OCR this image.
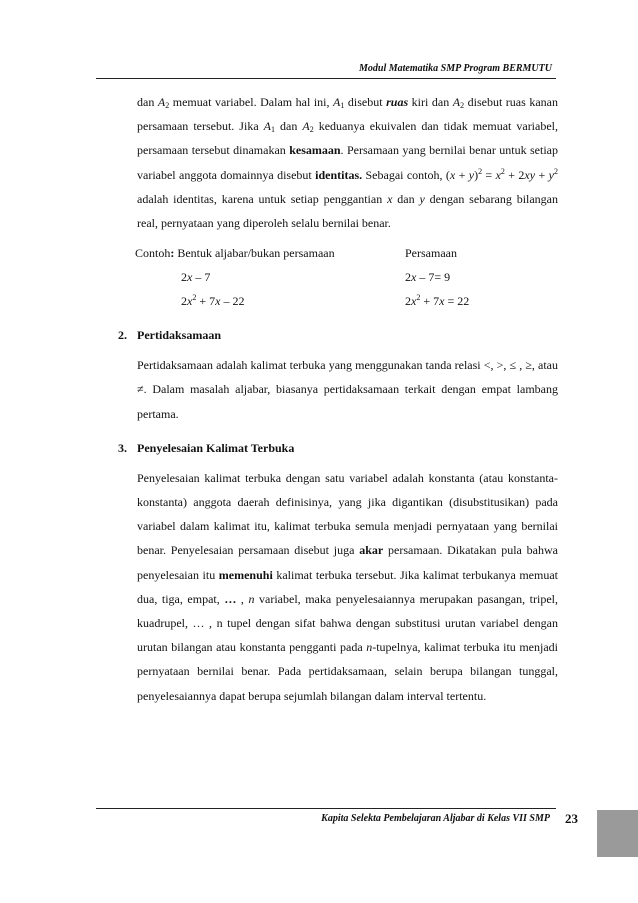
Modul Matematika SMP Program BERMUTU

dan $A_2$ memuat variabel. Dalam hal ini, $A_1$ disebut ruas kiri dan $A_2$ disebut ruas kanan persamaan tersebut. Jika $A_1$ dan $A_2$ keduanya ekuivalen dan tidak memuat variabel, persamaan tersebut dinamakan kesamaan. Persamaan yang bernilai benar untuk setiap variabel anggota domainnya disebut identitas. Sebagai contoh, $(x + y)^2 = x^2 + 2xy + y^2$ adalah identitas, karena untuk setiap penggantian x dan y dengan sebarang bilangan real, pernyataan yang diperoleh selalu bernilai benar.

Contoh: Bentuk aljabar/bukan persamaan	Persamaan
2x – 7	2x – 7= 9
$2x^2 + 7x - 22$	$2x^2 + 7x = 22$
2. Pertidaksamaan

Pertidaksamaan adalah kalimat terbuka yang menggunakan tanda relasi <, >, ≤ , ≥, atau ≠. Dalam masalah aljabar, biasanya pertidaksamaan terkait dengan empat lambang pertama.

3. Penyelesaian Kalimat Terbuka

Penyelesaian kalimat terbuka dengan satu variabel adalah konstanta (atau konstanta-konstanta) anggota daerah definisinya, yang jika digantikan (disubstitusikan) pada variabel dalam kalimat itu, kalimat terbuka semula menjadi pernyataan yang bernilai benar. Penyelesaian persamaan disebut juga akar persamaan. Dikatakan pula bahwa penyelesaian itu memenuhi kalimat terbuka tersebut. Jika kalimat terbukanya memuat dua, tiga, empat, … , n variabel, maka penyelesaiannya merupakan pasangan, tripel, kuadrupel, … , n tupel dengan sifat bahwa dengan substitusi urutan variabel dengan urutan bilangan atau konstanta pengganti pada n-tupelnya, kalimat terbuka itu menjadi pernyataan bernilai benar. Pada pertidaksamaan, selain berupa bilangan tunggal, penyelesaiannya dapat berupa sejumlah bilangan dalam interval tertentu.

Kapita Selekta Pembelajaran Aljabar di Kelas VII SMP 23
